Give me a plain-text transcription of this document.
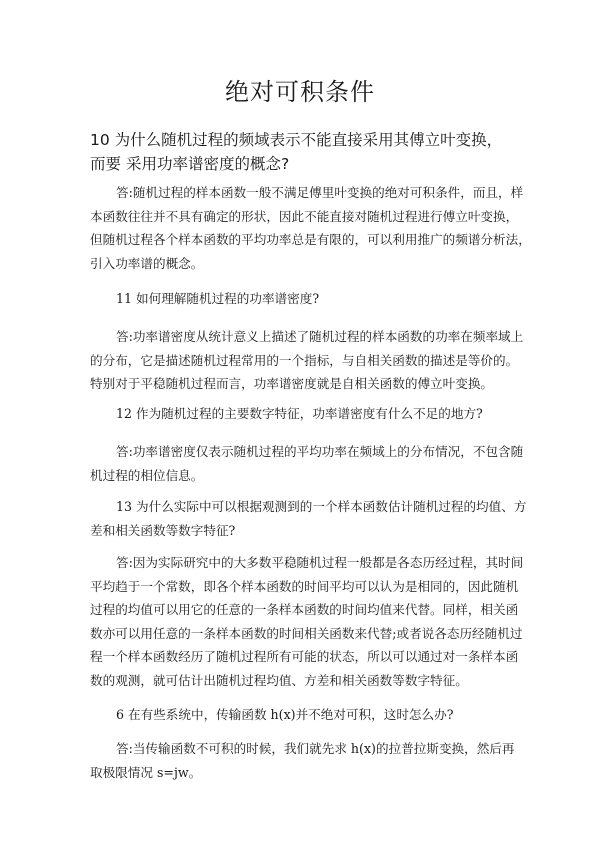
绝对可积条件
10 为什么随机过程的频域表示不能直接采用其傅立叶变换，而要 采用功率谱密度的概念?

答:随机过程的样本函数一般不满足傅里叶变换的绝对可积条件，而且，样
本函数往往并不具有确定的形状，因此不能直接对随机过程进行傅立叶变换，
但随机过程各个样本函数的平均功率总是有限的，可以利用推广的频谱分析法，
引入功率谱的概念。

11 如何理解随机过程的功率谱密度?

答:功率谱密度从统计意义上描述了随机过程的样本函数的功率在频率域上
的分布，它是描述随机过程常用的一个指标，与自相关函数的描述是等价的。
特别对于平稳随机过程而言，功率谱密度就是自相关函数的傅立叶变换。

12 作为随机过程的主要数字特征，功率谱密度有什么不足的地方?

答:功率谱密度仅表示随机过程的平均功率在频域上的分布情况，不包含随
机过程的相位信息。

13 为什么实际中可以根据观测到的一个样本函数估计随机过程的均值、方
差和相关函数等数字特征?

答:因为实际研究中的大多数平稳随机过程一般都是各态历经过程，其时间
平均趋于一个常数，即各个样本函数的时间平均可以认为是相同的，因此随机
过程的均值可以用它的任意的一条样本函数的时间均值来代替。同样，相关函
数亦可以用任意的一条样本函数的时间相关函数来代替;或者说各态历经随机过
程一个样本函数经历了随机过程所有可能的状态，所以可以通过对一条样本函
数的观测，就可估计出随机过程均值、方差和相关函数等数字特征。

6 在有些系统中，传输函数 h(x)并不绝对可积，这时怎么办?

答:当传输函数不可积的时候，我们就先求 h(x)的拉普拉斯变换，然后再
取极限情况 s=jw。
